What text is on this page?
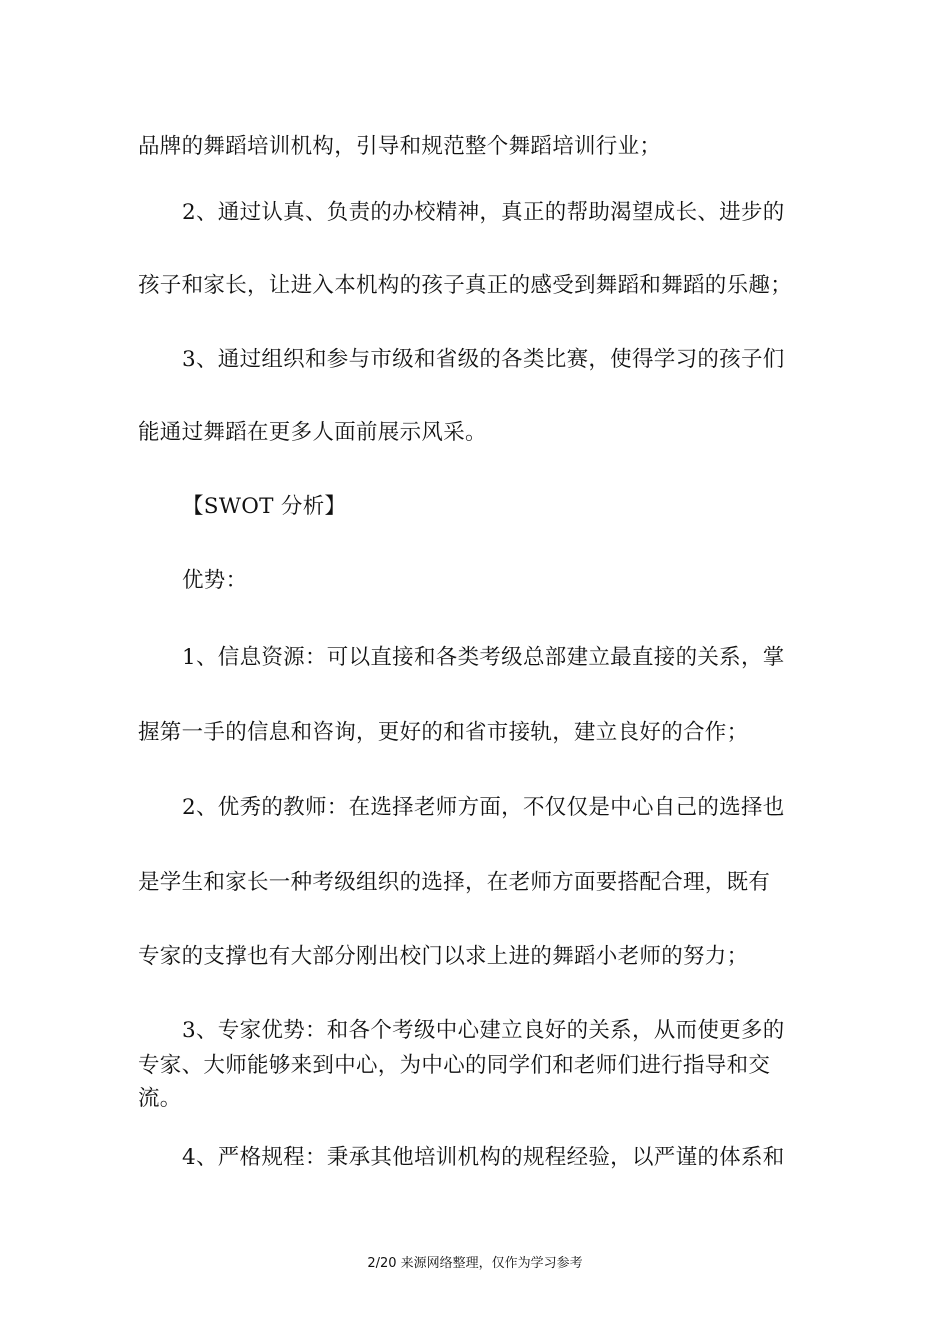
品牌的舞蹈培训机构，引导和规范整个舞蹈培训行业；
2、通过认真、负责的办校精神，真正的帮助渴望成长、进步的
孩子和家长，让进入本机构的孩子真正的感受到舞蹈和舞蹈的乐趣；
3、通过组织和参与市级和省级的各类比赛，使得学习的孩子们
能通过舞蹈在更多人面前展示风采。
【SWOT 分析】
优势：
1、信息资源：可以直接和各类考级总部建立最直接的关系，掌
握第一手的信息和咨询，更好的和省市接轨，建立良好的合作；
2、优秀的教师：在选择老师方面，不仅仅是中心自己的选择也
是学生和家长一种考级组织的选择，在老师方面要搭配合理，既有
专家的支撑也有大部分刚出校门以求上进的舞蹈小老师的努力；
3、专家优势：和各个考级中心建立良好的关系，从而使更多的
专家、大师能够来到中心，为中心的同学们和老师们进行指导和交
流。
4、严格规程：秉承其他培训机构的规程经验，以严谨的体系和
2/20 来源网络整理，仅作为学习参考
